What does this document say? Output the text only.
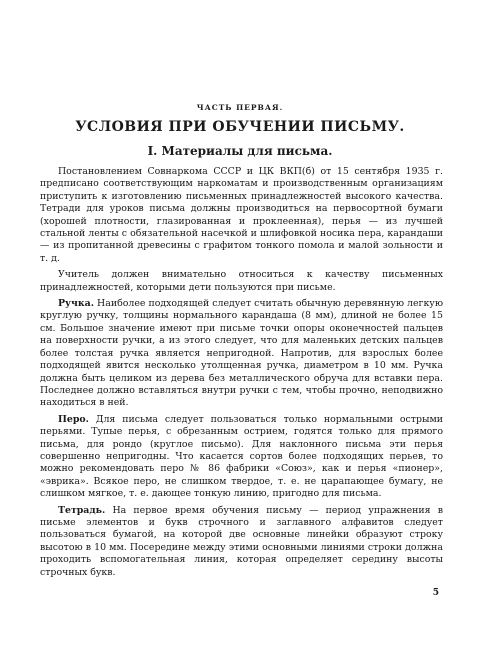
ЧАСТЬ ПЕРВАЯ.
УСЛОВИЯ ПРИ ОБУЧЕНИИ ПИСЬМУ.
I. Материалы для письма.

Постановлением Совнаркома СССР и ЦК ВКП(б) от 15 сентября 1935 г. предписано соответствующим наркоматам и производственным организациям приступить к изготовлению письменных принадлежностей высокого качества. Тетради для уроков письма должны производиться на первосортной бумаги (хорошей плотности, глазированная и проклеенная), перья — из лучшей стальной ленты с обязательной насечкой и шлифовкой носика пера, карандаши — из пропитанной древесины с графитом тонкого помола и малой зольности и т. д.

Учитель должен внимательно относиться к качеству письменных принадлежностей, которыми дети пользуются при письме.

Ручка. Наиболее подходящей следует считать обычную деревянную легкую круглую ручку, толщины нормального карандаша (8 мм), длиной не более 15 см. Большое значение имеют при письме точки опоры оконечностей пальцев на поверхности ручки, а из этого следует, что для маленьких детских пальцев более толстая ручка является непригодной. Напротив, для взрослых более подходящей явится несколько утолщенная ручка, диаметром в 10 мм. Ручка должна быть целиком из дерева без металлического обруча для вставки пера. Последнее должно вставляться внутри ручки с тем, чтобы прочно, неподвижно находиться в ней.

Перо. Для письма следует пользоваться только нормальными острыми перьями. Тупые перья, с обрезанным острием, годятся только для прямого письма, для рондо (круглое письмо). Для наклонного письма эти перья совершенно непригодны. Что касается сортов более подходящих перьев, то можно рекомендовать перо № 86 фабрики «Союз», как и перья «пионер», «эврика». Всякое перо, не слишком твердое, т. е. не царапающее бумагу, не слишком мягкое, т. е. дающее тонкую линию, пригодно для письма.

Тетрадь. На первое время обучения письму — период упражнения в письме элементов и букв строчного и заглавного алфавитов следует пользоваться бумагой, на которой две основные линейки образуют строку высотою в 10 мм. Посередине между этими основными линиями строки должна проходить вспомогательная линия, которая определяет середину высоты строчных букв.

5
